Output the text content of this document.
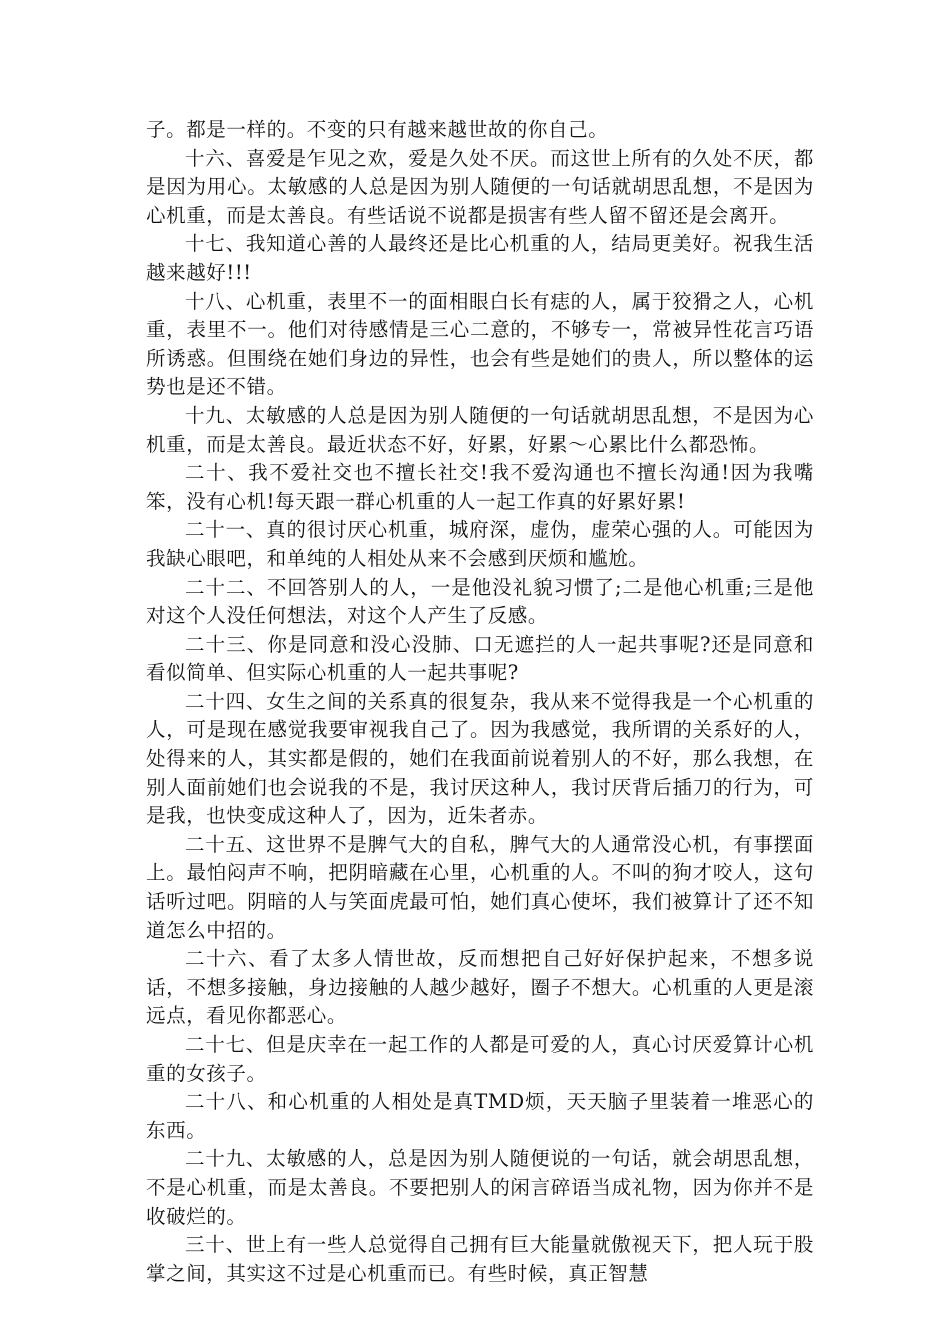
子。都是一样的。不变的只有越来越世故的你自己。

十六、喜爱是乍见之欢，爱是久处不厌。而这世上所有的久处不厌，都是因为用心。太敏感的人总是因为别人随便的一句话就胡思乱想，不是因为心机重，而是太善良。有些话说不说都是损害有些人留不留还是会离开。

十七、我知道心善的人最终还是比心机重的人，结局更美好。祝我生活越来越好!!!

十八、心机重，表里不一的面相眼白长有痣的人，属于狡猾之人，心机重，表里不一。他们对待感情是三心二意的，不够专一，常被异性花言巧语所诱惑。但围绕在她们身边的异性，也会有些是她们的贵人，所以整体的运势也是还不错。

十九、太敏感的人总是因为别人随便的一句话就胡思乱想，不是因为心机重，而是太善良。最近状态不好，好累，好累～心累比什么都恐怖。

二十、我不爱社交也不擅长社交!我不爱沟通也不擅长沟通!因为我嘴笨，没有心机!每天跟一群心机重的人一起工作真的好累好累!

二十一、真的很讨厌心机重，城府深，虚伪，虚荣心强的人。可能因为我缺心眼吧，和单纯的人相处从来不会感到厌烦和尴尬。

二十二、不回答别人的人，一是他没礼貌习惯了;二是他心机重;三是他对这个人没任何想法，对这个人产生了反感。

二十三、你是同意和没心没肺、口无遮拦的人一起共事呢?还是同意和看似简单、但实际心机重的人一起共事呢?

二十四、女生之间的关系真的很复杂，我从来不觉得我是一个心机重的人，可是现在感觉我要审视我自己了。因为我感觉，我所谓的关系好的人，处得来的人，其实都是假的，她们在我面前说着别人的不好，那么我想，在别人面前她们也会说我的不是，我讨厌这种人，我讨厌背后插刀的行为，可是我，也快变成这种人了，因为，近朱者赤。

二十五、这世界不是脾气大的自私，脾气大的人通常没心机，有事摆面上。最怕闷声不响，把阴暗藏在心里，心机重的人。不叫的狗才咬人，这句话听过吧。阴暗的人与笑面虎最可怕，她们真心使坏，我们被算计了还不知道怎么中招的。

二十六、看了太多人情世故，反而想把自己好好保护起来，不想多说话，不想多接触，身边接触的人越少越好，圈子不想大。心机重的人更是滚远点，看见你都恶心。

二十七、但是庆幸在一起工作的人都是可爱的人，真心讨厌爱算计心机重的女孩子。

二十八、和心机重的人相处是真TMD烦，天天脑子里装着一堆恶心的东西。

二十九、太敏感的人，总是因为别人随便说的一句话，就会胡思乱想，不是心机重，而是太善良。不要把别人的闲言碎语当成礼物，因为你并不是收破烂的。

三十、世上有一些人总觉得自己拥有巨大能量就傲视天下，把人玩于股掌之间，其实这不过是心机重而已。有些时候，真正智慧
